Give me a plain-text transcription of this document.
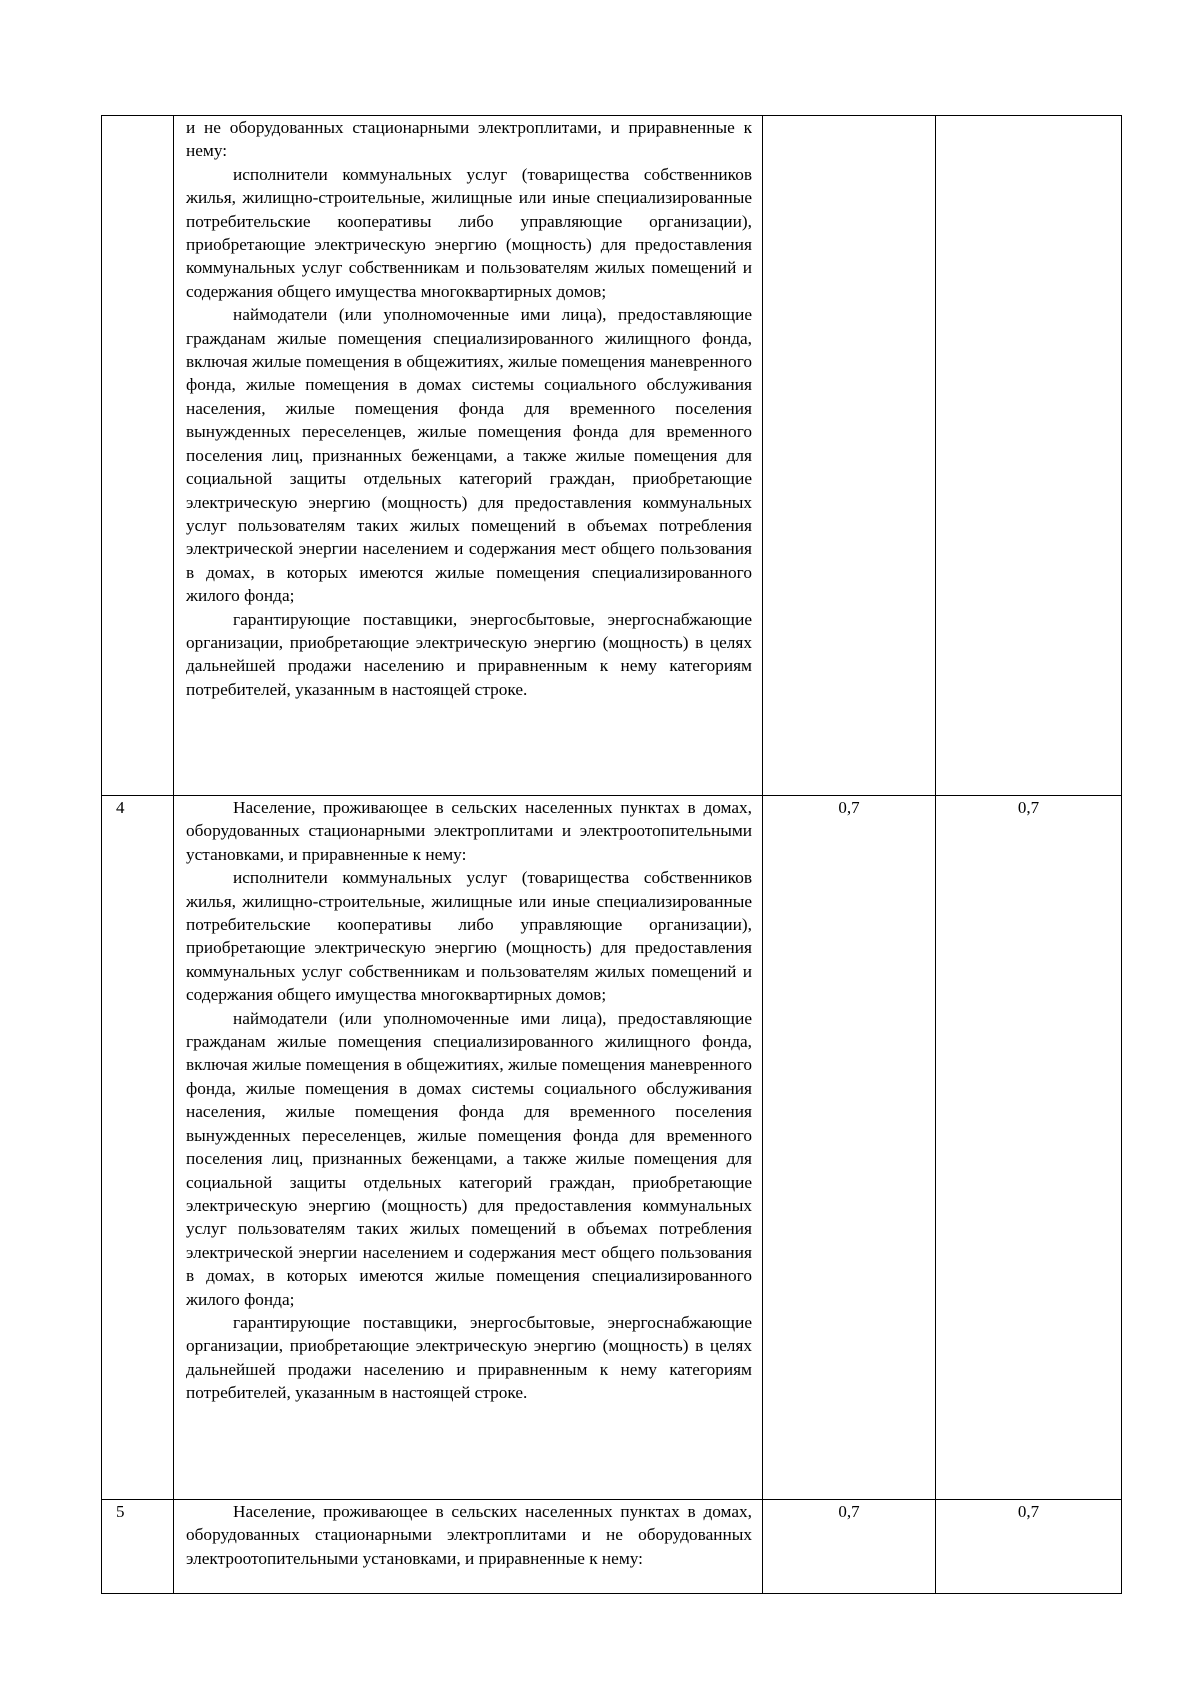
	и не оборудованных стационарными электроплитами, и приравненные к нему:

исполнители коммунальных услуг (товарищества собственников жилья, жилищно-строительные, жилищные или иные специализированные потребительские кооперативы либо управляющие организации), приобретающие электрическую энергию (мощность) для предоставления коммунальных услуг собственникам и пользователям жилых помещений и содержания общего имущества многоквартирных домов;

наймодатели (или уполномоченные ими лица), предоставляющие гражданам жилые помещения специализированного жилищного фонда, включая жилые помещения в общежитиях, жилые помещения маневренного фонда, жилые помещения в домах системы социального обслуживания населения, жилые помещения фонда для временного поселения вынужденных переселенцев, жилые помещения фонда для временного поселения лиц, признанных беженцами, а также жилые помещения для социальной защиты отдельных категорий граждан, приобретающие электрическую энергию (мощность) для предоставления коммунальных услуг пользователям таких жилых помещений в объемах потребления электрической энергии населением и содержания мест общего пользования в домах, в которых имеются жилые помещения специализированного жилого фонда;

гарантирующие поставщики, энергосбытовые, энергоснабжающие организации, приобретающие электрическую энергию (мощность) в целях дальнейшей продажи населению и приравненным к нему категориям потребителей, указанным в настоящей строке.		

4	Население, проживающее в сельских населенных пунктах в домах, оборудованных стационарными электроплитами и электроотопительными установками, и приравненные к нему:

исполнители коммунальных услуг (товарищества собственников жилья, жилищно-строительные, жилищные или иные специализированные потребительские кооперативы либо управляющие организации), приобретающие электрическую энергию (мощность) для предоставления коммунальных услуг собственникам и пользователям жилых помещений и содержания общего имущества многоквартирных домов;

наймодатели (или уполномоченные ими лица), предоставляющие гражданам жилые помещения специализированного жилищного фонда, включая жилые помещения в общежитиях, жилые помещения маневренного фонда, жилые помещения в домах системы социального обслуживания населения, жилые помещения фонда для временного поселения вынужденных переселенцев, жилые помещения фонда для временного поселения лиц, признанных беженцами, а также жилые помещения для социальной защиты отдельных категорий граждан, приобретающие электрическую энергию (мощность) для предоставления коммунальных услуг пользователям таких жилых помещений в объемах потребления электрической энергии населением и содержания мест общего пользования в домах, в которых имеются жилые помещения специализированного жилого фонда;

гарантирующие поставщики, энергосбытовые, энергоснабжающие организации, приобретающие электрическую энергию (мощность) в целях дальнейшей продажи населению и приравненным к нему категориям потребителей, указанным в настоящей строке.	0,7	0,7
5	Население, проживающее в сельских населенных пунктах в домах, оборудованных стационарными электроплитами и не оборудованных электроотопительными установками, и приравненные к нему:	0,7	0,7
